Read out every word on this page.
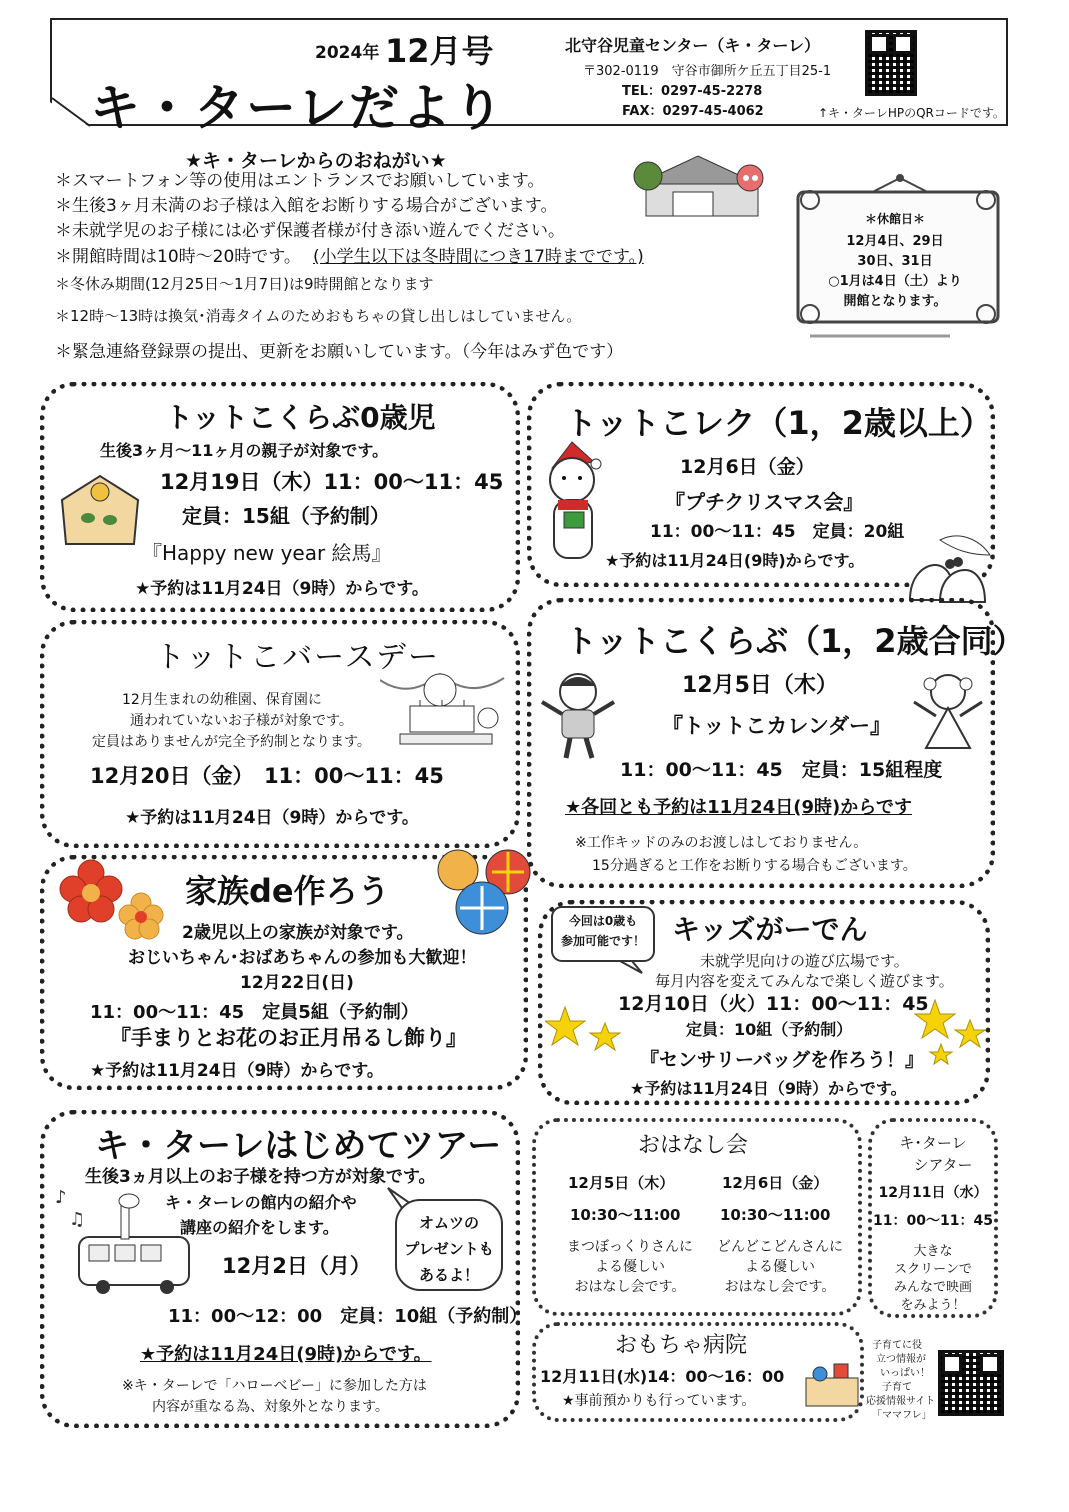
2024年 12月号
キ・ターレだより
北守谷児童センター（キ・ターレ）
〒302-0119　守谷市御所ケ丘五丁目25-1
TEL：0297-45-2278
FAX：0297-45-4062	↑キ・ターレHPのQRコードです。
★キ・ターレからのおねがい★
＊スマートフォン等の使用はエントランスでお願いしています。
＊生後3ヶ月未満のお子様は入館をお断りする場合がございます。
＊未就学児のお子様には必ず保護者様が付き添い遊んでください。
＊開館時間は10時～20時です。 (小学生以下は冬時間につき17時までです。)
＊冬休み期間(12月25日～1月7日)は9時開館となります
＊12時～13時は換気･消毒タイムのためおもちゃの貸し出しはしていません。
＊緊急連絡登録票の提出、更新をお願いしています。（今年はみず色です）
＊休館日＊
12月4日、29日
30日、31日
○1月は4日（土）より
開館となります。
トットこくらぶ0歳児
生後3ヶ月～11ヶ月の親子が対象です。
12月19日（木）11：00～11：45
定員：15組（予約制）
『Happy new year 絵馬』
★予約は11月24日（9時）からです。
トットこレク（1，2歳以上）
12月6日（金）
『プチクリスマス会』
11：00～11：45　定員：20組
★予約は11月24日(9時)からです。
トットこバースデー
12月生まれの幼稚園、保育園に
通われていないお子様が対象です。
定員はありませんが完全予約制となります。
12月20日（金）　11：00～11：45
★予約は11月24日（9時）からです。
トットこくらぶ（1，2歳合同）
12月5日（木）
『トットこカレンダー』
11：00～11：45　定員：15組程度
★各回とも予約は11月24日(9時)からです
※工作キッドのみのお渡しはしておりません。
15分過ぎると工作をお断りする場合もございます。
家族de作ろう
2歳児以上の家族が対象です。
おじいちゃん･おばあちゃんの参加も大歓迎！
12月22日(日)
11：00～11：45　定員5組（予約制）
『手まりとお花のお正月吊るし飾り』
★予約は11月24日（9時）からです。
今回は0歳も
参加可能です！ キッズがーでん
未就学児向けの遊び広場です。
毎月内容を変えてみんなで楽しく遊びます。
12月10日（火）11：00～11：45
定員：10組（予約制）
『センサリーバッグを作ろう！』
★予約は11月24日（9時）からです。
キ・ターレはじめてツアー
生後3ヵ月以上のお子様を持つ方が対象です。
キ・ターレの館内の紹介や
講座の紹介をします。	オムツの
プレゼントも
あるよ！
12月2日（月）
11：00～12：00　定員：10組（予約制）
★予約は11月24日(9時)からです。
※キ・ターレで「ハローベビー」に参加した方は
内容が重なる為、対象外となります。
♪
♫
おはなし会
12月5日（木）
10:30～11:00
まつぼっくりさんに
よる優しい
おはなし会です。
12月6日（金）
10:30～11:00
どんどこどんさんに
よる優しい
おはなし会です。
キ･ターレ
シアター
12月11日（水）
11：00～11：45
大きな
スクリーンで
みんなで映画
をみよう！
おもちゃ病院
12月11日(水)14：00～16：00
★事前預かりも行っています。
子育てに役
立つ情報が
いっぱい！
子育て
応援情報サイト
「ママフレ」
